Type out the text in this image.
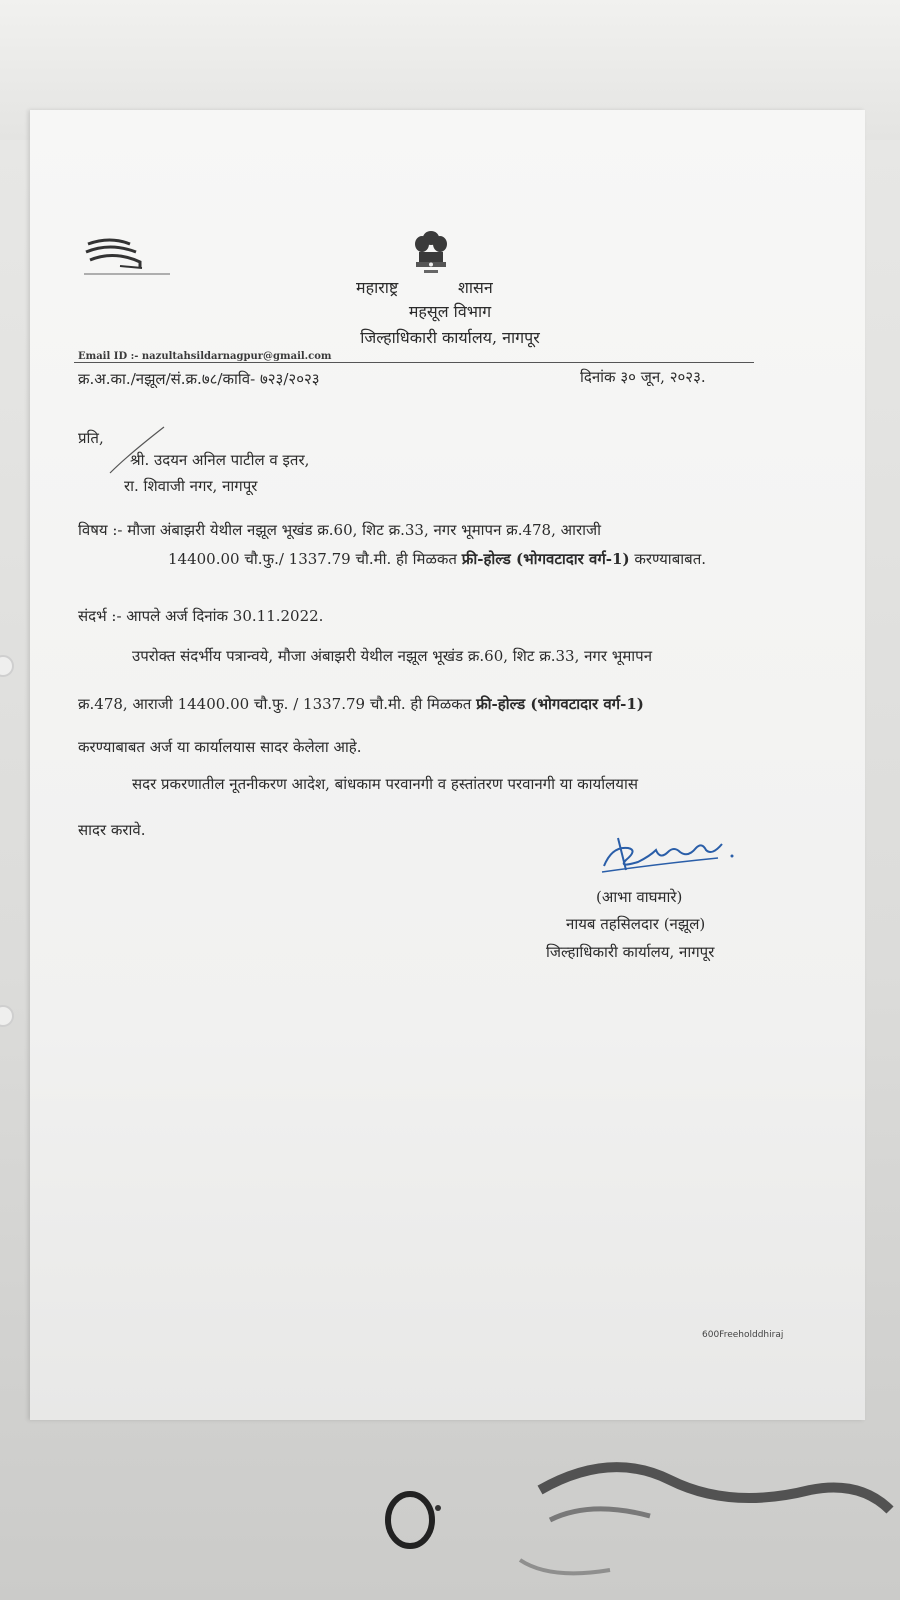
महाराष्ट्र	शासन
महसूल विभाग
जिल्हाधिकारी कार्यालय, नागपूर
Email ID :- nazultahsildarnagpur@gmail.com
क्र.अ.का./नझूल/सं.क्र.७८/काव‍ि- ७२३/२०२३	दिनांक ३० जून, २०२३.
प्रति,
श्री. उदयन अनिल पाटील व इतर,
रा. शिवाजी नगर, नागपूर
विषय :- मौजा अंबाझरी येथील नझूल भूखंड क्र.60, शिट क्र.33, नगर भूमापन क्र.478, आराजी
14400.00 चौ.फु./ 1337.79 चौ.मी. ही मिळकत फ्री-होल्ड (भोगवटादार वर्ग-1) करण्याबाबत.
संदर्भ :- आपले अर्ज दिनांक 30.11.2022.
उपरोक्त संदर्भीय पत्रान्वये, मौजा अंबाझरी येथील नझूल भूखंड क्र.60, शिट क्र.33, नगर भूमापन
क्र.478, आराजी 14400.00 चौ.फु. / 1337.79 चौ.मी. ही मिळकत फ्री-होल्ड (भोगवटादार वर्ग-1)
करण्याबाबत अर्ज या कार्यालयास सादर केलेला आहे.
सदर प्रकरणातील नूतनीकरण आदेश, बांधकाम परवानगी व हस्तांतरण परवानगी या कार्यालयास
सादर करावे.
(आभा वाघमारे)
नायब तहसिलदार (नझूल)
जिल्हाधिकारी कार्यालय, नागपूर
600Freeholddhiraj
